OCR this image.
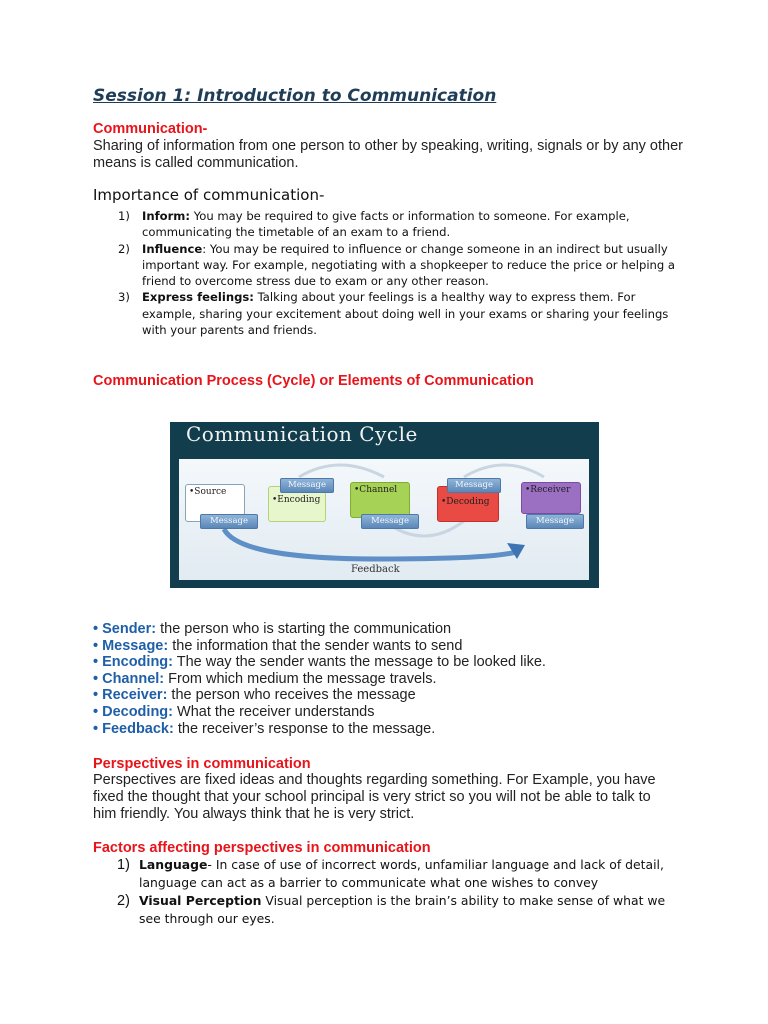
Session 1: Introduction to Communication

Communication-

Sharing of information from one person to other by speaking, writing, signals or by any other means is called communication.

Importance of communication-

1) Inform: You may be required to give facts or information to someone. For example, communicating the timetable of an exam to a friend.
2) Influence: You may be required to influence or change someone in an indirect but usually important way. For example, negotiating with a shopkeeper to reduce the price or helping a friend to overcome stress due to exam or any other reason.
3) Express feelings: Talking about your feelings is a healthy way to express them. For example, sharing your excitement about doing well in your exams or sharing your feelings with your parents and friends.

Communication Process (Cycle) or Elements of Communication

Communication Cycle

•Source
•Encoding
•Channel
•Decoding
•Receiver
Message
Message
Message
Message
Message

Feedback

• Sender: the person who is starting the communication
• Message: the information that the sender wants to send
• Encoding: The way the sender wants the message to be looked like.
• Channel: From which medium the message travels.
• Receiver: the person who receives the message
• Decoding: What the receiver understands
• Feedback: the receiver’s response to the message.

Perspectives in communication

Perspectives are fixed ideas and thoughts regarding something. For Example, you have fixed the thought that your school principal is very strict so you will not be able to talk to him friendly. You always think that he is very strict.

Factors affecting perspectives in communication

1) Language- In case of use of incorrect words, unfamiliar language and lack of detail, language can act as a barrier to communicate what one wishes to convey
2) Visual Perception Visual perception is the brain’s ability to make sense of what we see through our eyes.
